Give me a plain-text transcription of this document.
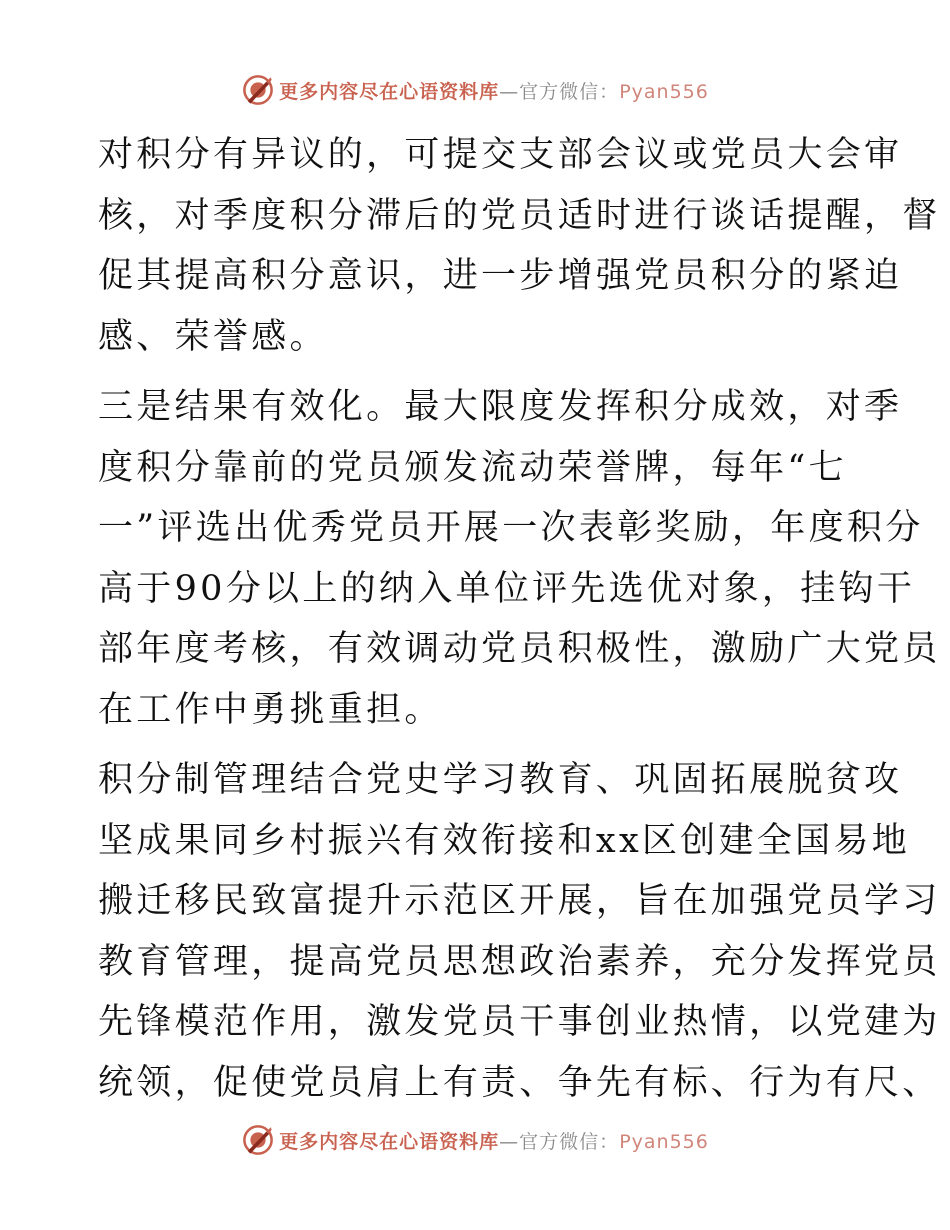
更多内容尽在心语资料库—官方微信：Pyan556
对积分有异议的，可提交支部会议或党员大会审
核，对季度积分滞后的党员适时进行谈话提醒，督
促其提高积分意识，进一步增强党员积分的紧迫
感、荣誉感。
三是结果有效化。最大限度发挥积分成效，对季
度积分靠前的党员颁发流动荣誉牌，每年“七
一”评选出优秀党员开展一次表彰奖励，年度积分
高于90分以上的纳入单位评先选优对象，挂钩干
部年度考核，有效调动党员积极性，激励广大党员
在工作中勇挑重担。
积分制管理结合党史学习教育、巩固拓展脱贫攻
坚成果同乡村振兴有效衔接和xx区创建全国易地
搬迁移民致富提升示范区开展，旨在加强党员学习
教育管理，提高党员思想政治素养，充分发挥党员
先锋模范作用，激发党员干事创业热情，以党建为
统领，促使党员肩上有责、争先有标、行为有尺、
更多内容尽在心语资料库—官方微信：Pyan556
